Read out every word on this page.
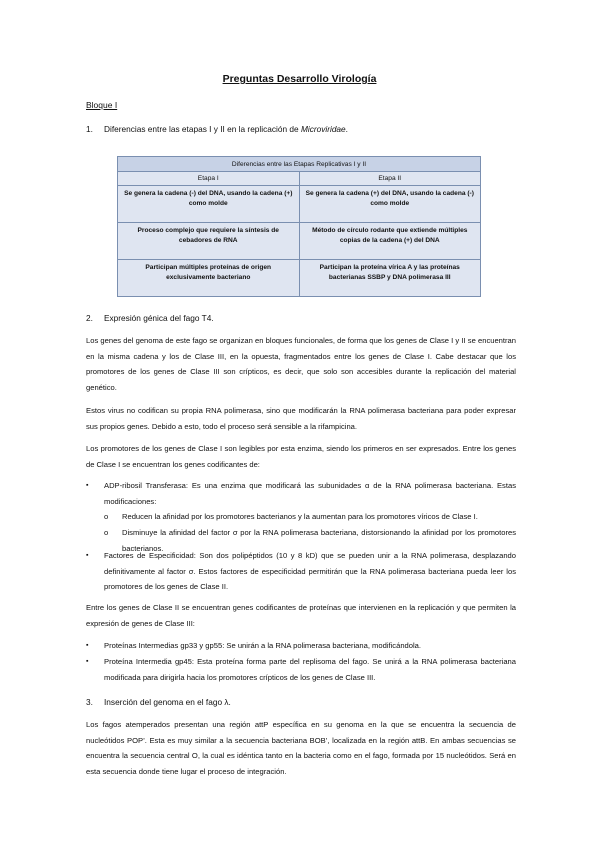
Preguntas Desarrollo Virología
Bloque I
1. Diferencias entre las etapas I y II en la replicación de Microviridae.
Diferencias entre las Etapas Replicativas I y II	
Etapa I	Etapa II
Se genera la cadena (-) del DNA, usando la cadena (+) como molde	Se genera la cadena (+) del DNA, usando la cadena (-) como molde
Proceso complejo que requiere la síntesis de cebadores de RNA	Método de círculo rodante que extiende múltiples copias de la cadena (+) del DNA
Participan múltiples proteínas de origen exclusivamente bacteriano	Participan la proteína vírica A y las proteínas bacterianas SSBP y DNA polimerasa III
2. Expresión génica del fago T4.
Los genes del genoma de este fago se organizan en bloques funcionales, de forma que los genes de Clase I y II se encuentran en la misma cadena y los de Clase III, en la opuesta, fragmentados entre los genes de Clase I. Cabe destacar que los promotores de los genes de Clase III son crípticos, es decir, que solo son accesibles durante la replicación del material genético.
Estos virus no codifican su propia RNA polimerasa, sino que modificarán la RNA polimerasa bacteriana para poder expresar sus propios genes. Debido a esto, todo el proceso será sensible a la rifampicina.
Los promotores de los genes de Clase I son legibles por esta enzima, siendo los primeros en ser expresados. Entre los genes de Clase I se encuentran los genes codificantes de:
▪ ADP-ribosil Transferasa: Es una enzima que modificará las subunidades α de la RNA polimerasa bacteriana. Estas modificaciones:
o Reducen la afinidad por los promotores bacterianos y la aumentan para los promotores víricos de Clase I.
o Disminuye la afinidad del factor σ por la RNA polimerasa bacteriana, distorsionando la afinidad por los promotores bacterianos.
▪ Factores de Especificidad: Son dos polipéptidos (10 y 8 kD) que se pueden unir a la RNA polimerasa, desplazando definitivamente al factor σ. Estos factores de especificidad permitirán que la RNA polimerasa bacteriana pueda leer los promotores de los genes de Clase II.
Entre los genes de Clase II se encuentran genes codificantes de proteínas que intervienen en la replicación y que permiten la expresión de genes de Clase III:
▪ Proteínas Intermedias gp33 y gp55: Se unirán a la RNA polimerasa bacteriana, modificándola.
▪ Proteína Intermedia gp45: Esta proteína forma parte del replisoma del fago. Se unirá a la RNA polimerasa bacteriana modificada para dirigirla hacia los promotores crípticos de los genes de Clase III.
3. Inserción del genoma en el fago λ.
Los fagos atemperados presentan una región attP específica en su genoma en la que se encuentra la secuencia de nucleótidos POP’. Esta es muy similar a la secuencia bacteriana BOB’, localizada en la región attB. En ambas secuencias se encuentra la secuencia central O, la cual es idéntica tanto en la bacteria como en el fago, formada por 15 nucleótidos. Será en esta secuencia donde tiene lugar el proceso de integración.
